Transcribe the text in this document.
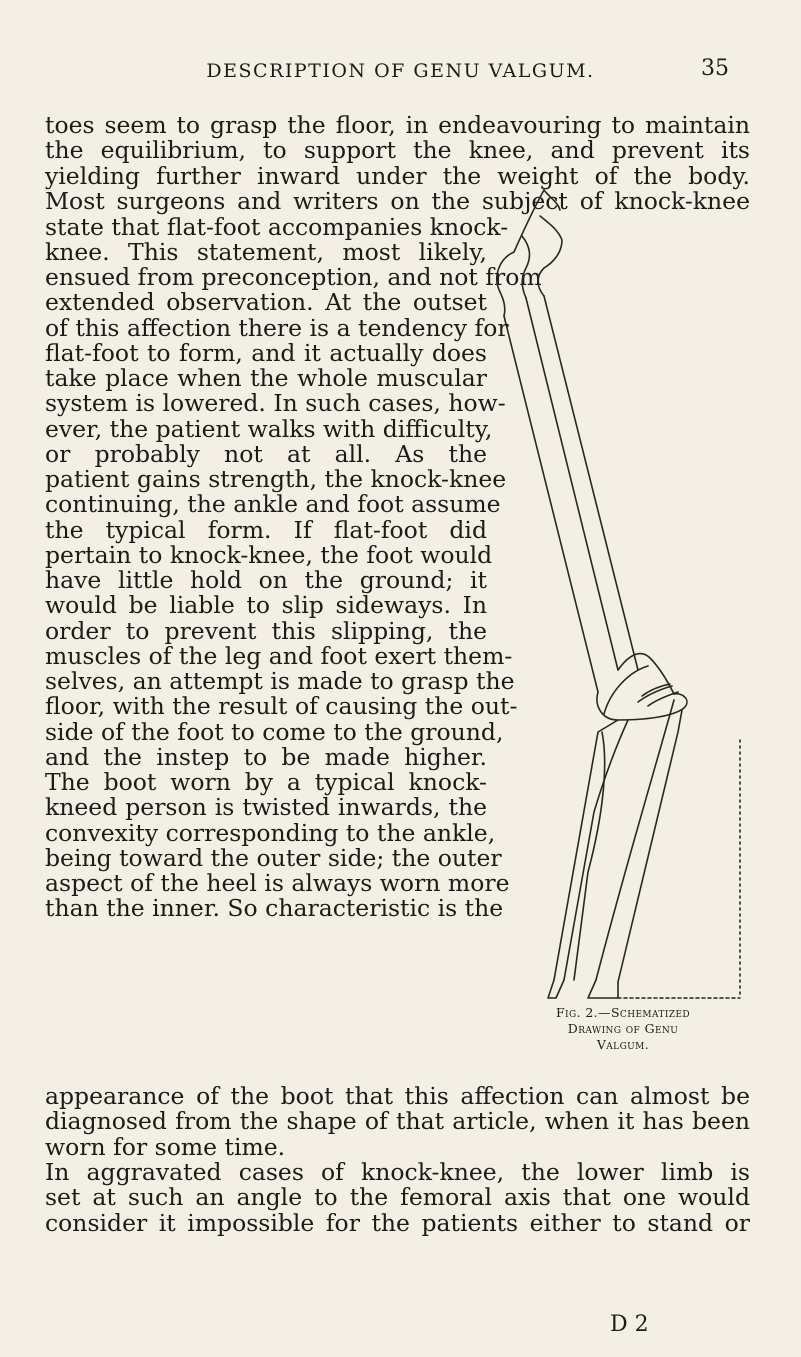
DESCRIPTION OF GENU VALGUM.	35
toes seem to grasp the floor, in endeavouring to maintain
the equilibrium, to support the knee, and prevent its
yielding further inward under the weight of the body.
Most surgeons and writers on the subject of knock-knee
state that flat-foot accompanies knock-
knee. This statement, most likely,
ensued from preconception, and not from
extended observation. At the outset
of this affection there is a tendency for
flat-foot to form, and it actually does
take place when the whole muscular
system is lowered. In such cases, how-
ever, the patient walks with difficulty,
or probably not at all. As the
patient gains strength, the knock-knee
continuing, the ankle and foot assume
the typical form. If flat-foot did
pertain to knock-knee, the foot would
have little hold on the ground; it
would be liable to slip sideways. In
order to prevent this slipping, the
muscles of the leg and foot exert them-
selves, an attempt is made to grasp the
floor, with the result of causing the out-
side of the foot to come to the ground,
and the instep to be made higher.
The boot worn by a typical knock-
kneed person is twisted inwards, the
convexity corresponding to the ankle,
being toward the outer side; the outer
aspect of the heel is always worn more
than the inner. So characteristic is the
appearance of the boot that this affection can almost be
diagnosed from the shape of that article, when it has been
worn for some time.
In aggravated cases of knock-knee, the lower limb is
set at such an angle to the femoral axis that one would
consider it impossible for the patients either to stand or
D 2
Fig. 2.—Schematized
Drawing of Genu
Valgum.
